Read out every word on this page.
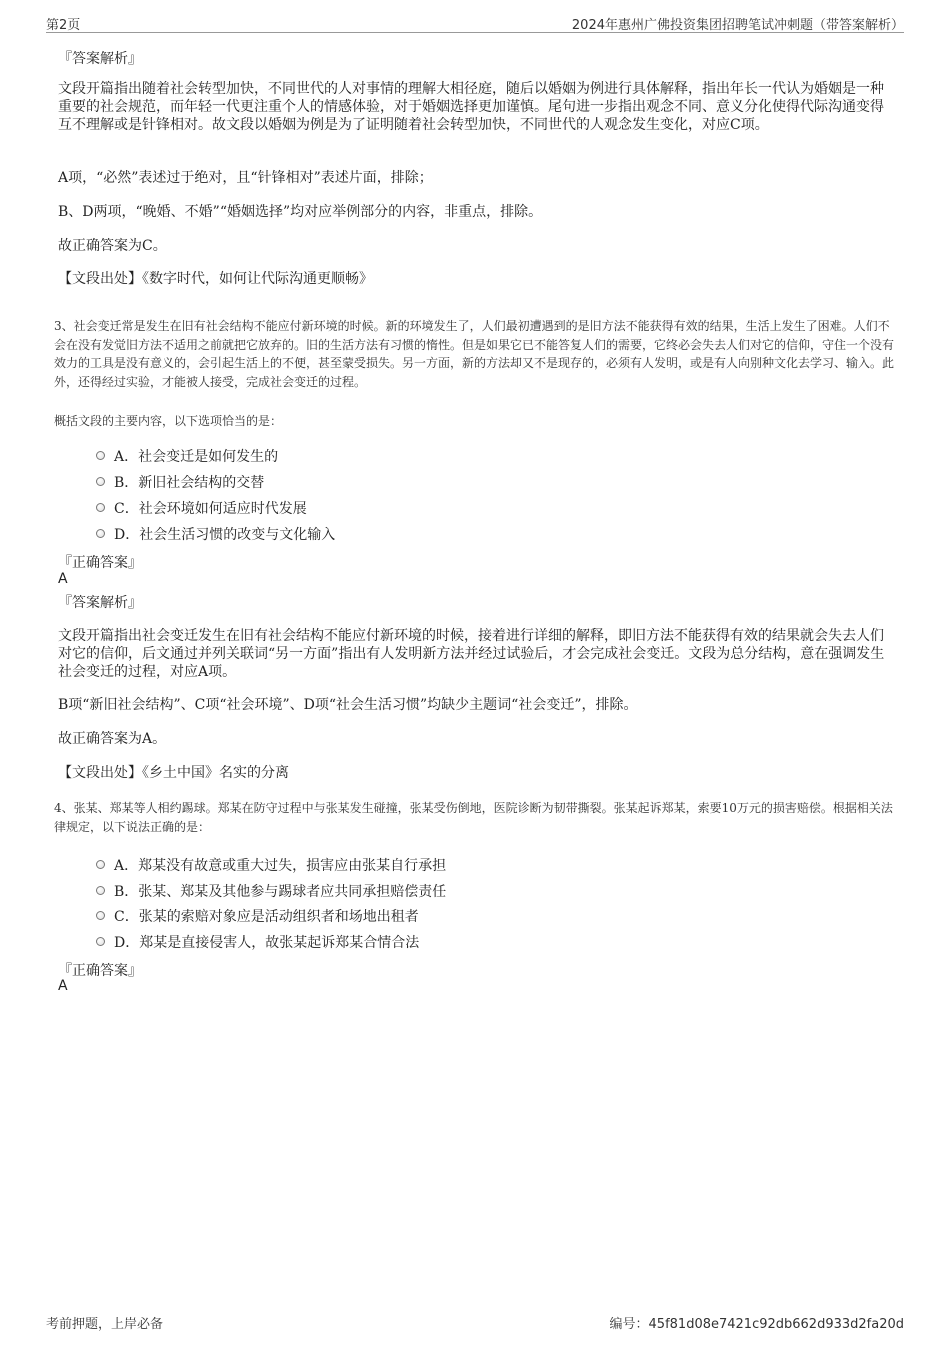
第2页	2024年惠州广佛投资集团招聘笔试冲刺题（带答案解析）
『答案解析』
文段开篇指出随着社会转型加快，不同世代的人对事情的理解大相径庭，随后以婚姻为例进行具体解释，指出年长一代认为婚姻是一种重要的社会规范，而年轻一代更注重个人的情感体验，对于婚姻选择更加谨慎。尾句进一步指出观念不同、意义分化使得代际沟通变得互不理解或是针锋相对。故文段以婚姻为例是为了证明随着社会转型加快，不同世代的人观念发生变化，对应C项。
A项，“必然”表述过于绝对，且“针锋相对”表述片面，排除；
B、D两项，“晚婚、不婚”“婚姻选择”均对应举例部分的内容，非重点，排除。
故正确答案为C。
【文段出处】《数字时代，如何让代际沟通更顺畅》
3、社会变迁常是发生在旧有社会结构不能应付新环境的时候。新的环境发生了，人们最初遭遇到的是旧方法不能获得有效的结果，生活上发生了困难。人们不会在没有发觉旧方法不适用之前就把它放弃的。旧的生活方法有习惯的惰性。但是如果它已不能答复人们的需要，它终必会失去人们对它的信仰，守住一个没有效力的工具是没有意义的，会引起生活上的不便，甚至蒙受损失。另一方面，新的方法却又不是现存的，必须有人发明，或是有人向别种文化去学习、输入。此外，还得经过实验，才能被人接受，完成社会变迁的过程。
概括文段的主要内容，以下选项恰当的是：
A．社会变迁是如何发生的
B．新旧社会结构的交替
C．社会环境如何适应时代发展
D．社会生活习惯的改变与文化输入
『正确答案』
A
『答案解析』
文段开篇指出社会变迁发生在旧有社会结构不能应付新环境的时候，接着进行详细的解释，即旧方法不能获得有效的结果就会失去人们对它的信仰，后文通过并列关联词“另一方面”指出有人发明新方法并经过试验后，才会完成社会变迁。文段为总分结构，意在强调发生社会变迁的过程，对应A项。
B项“新旧社会结构”、C项“社会环境”、D项“社会生活习惯”均缺少主题词“社会变迁”，排除。
故正确答案为A。
【文段出处】《乡土中国》名实的分离
4、张某、郑某等人相约踢球。郑某在防守过程中与张某发生碰撞，张某受伤倒地，医院诊断为韧带撕裂。张某起诉郑某，索要10万元的损害赔偿。根据相关法律规定，以下说法正确的是：
A．郑某没有故意或重大过失，损害应由张某自行承担
B．张某、郑某及其他参与踢球者应共同承担赔偿责任
C．张某的索赔对象应是活动组织者和场地出租者
D．郑某是直接侵害人，故张某起诉郑某合情合法
『正确答案』
A
考前押题，上岸必备	编号：45f81d08e7421c92db662d933d2fa20d
